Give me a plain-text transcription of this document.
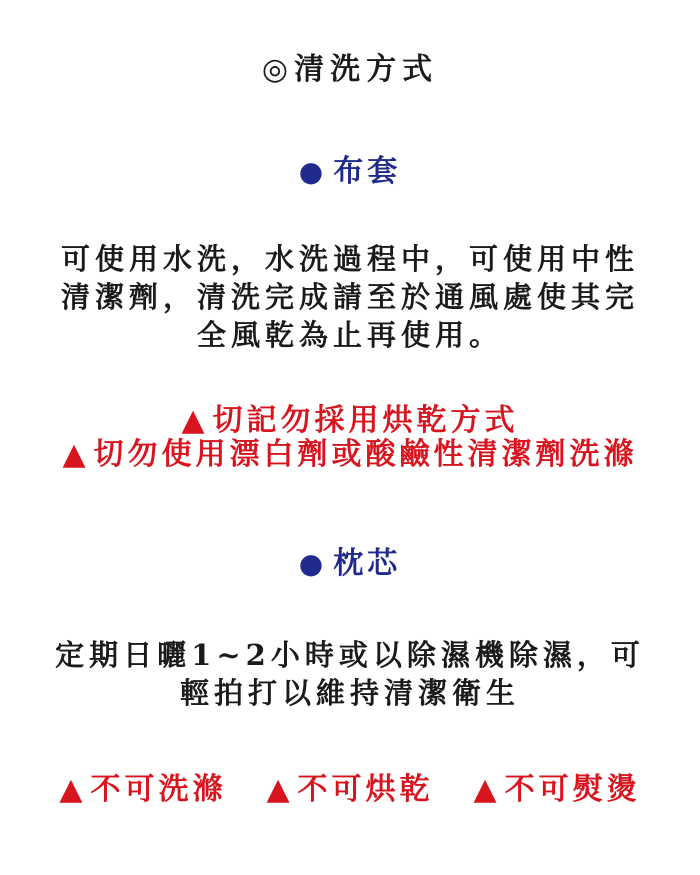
◎清洗方式
● 布套
可使用水洗，水洗過程中，可使用中性
清潔劑，清洗完成請至於通風處使其完
全風乾為止再使用。
▲ 切記勿採用烘乾方式
▲ 切勿使用漂白劑或酸鹼性清潔劑洗滌
● 枕芯
定期日曬1~2小時或以除濕機除濕，可
輕拍打以維持清潔衛生
▲ 不可洗滌 ▲ 不可烘乾 ▲ 不可熨燙
